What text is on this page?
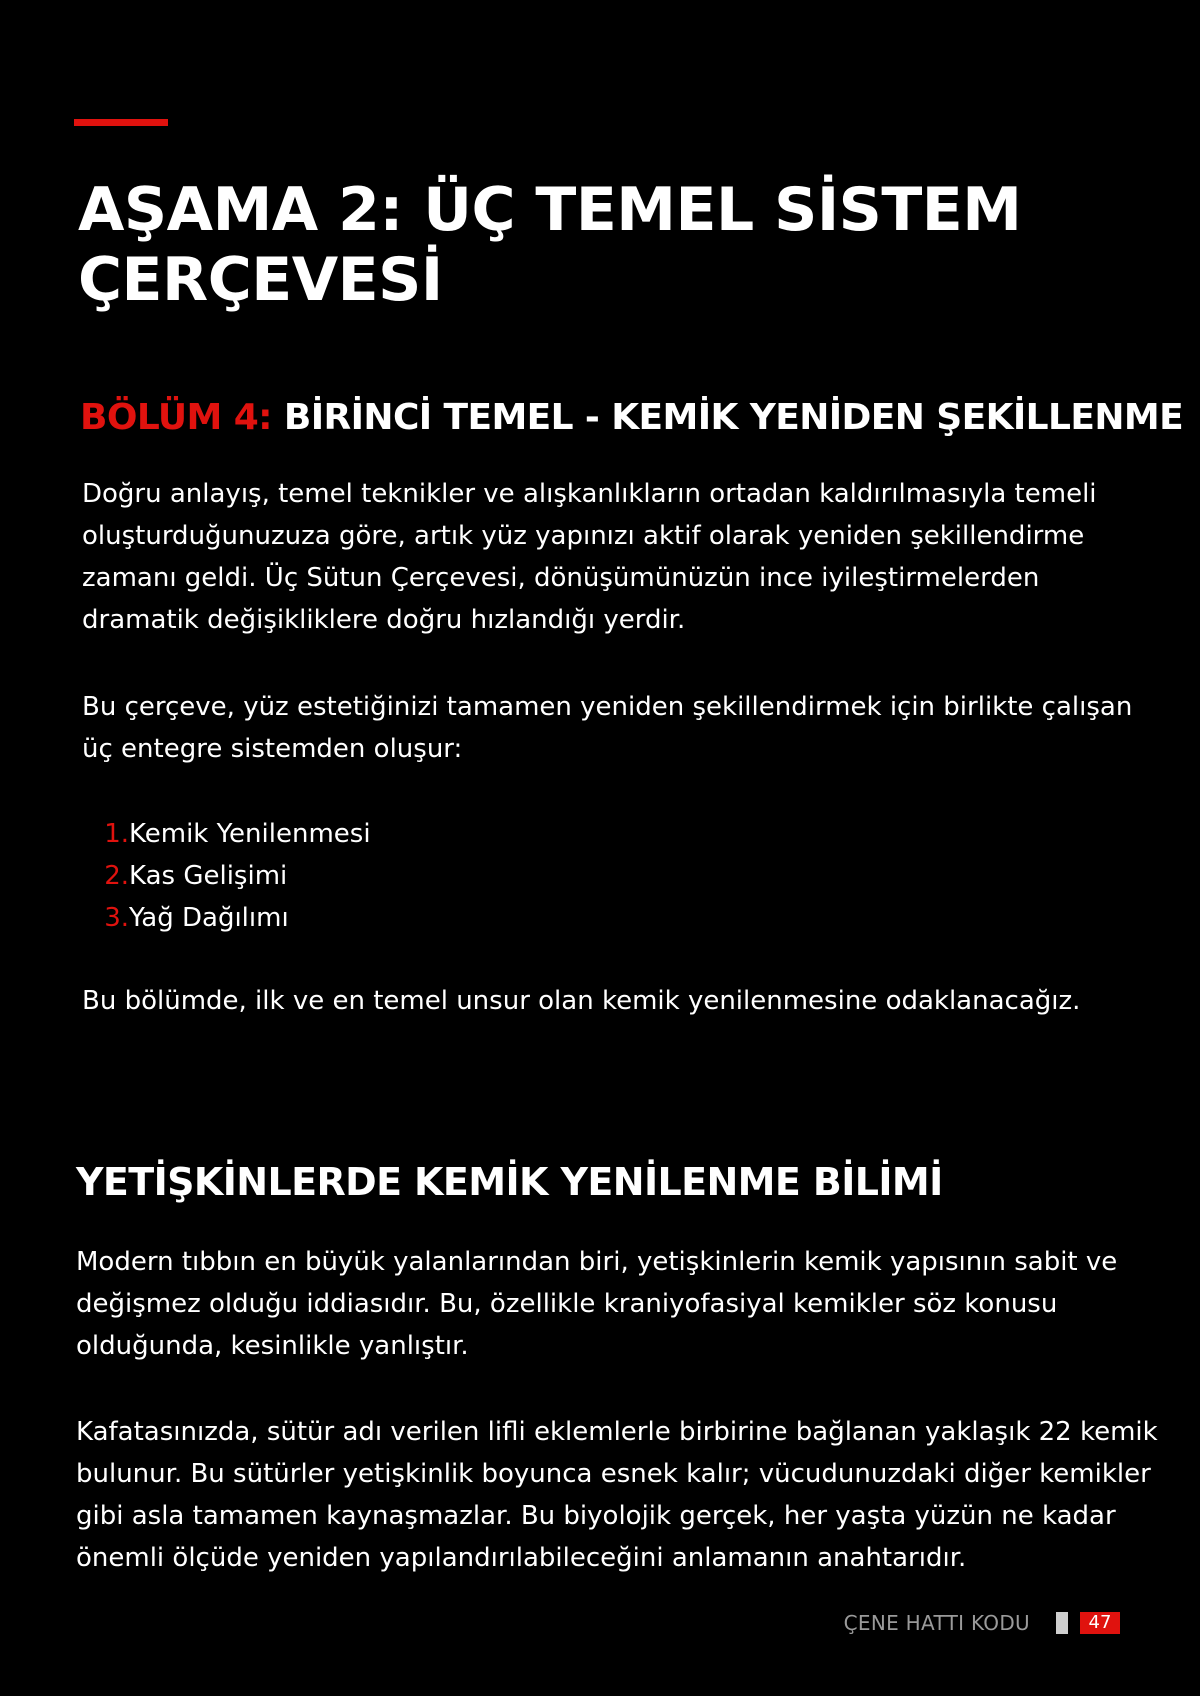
AŞAMA 2: ÜÇ TEMEL SİSTEM ÇERÇEVESİ
BÖLÜM 4: BİRİNCİ TEMEL - KEMİK YENİDEN ŞEKİLLENME

Doğru anlayış, temel teknikler ve alışkanlıkların ortadan kaldırılmasıyla temeli oluşturduğunuzuza göre, artık yüz yapınızı aktif olarak yeniden şekillendirme zamanı geldi. Üç Sütun Çerçevesi, dönüşümünüzün ince iyileştirmelerden dramatik değişikliklere doğru hızlandığı yerdir.

Bu çerçeve, yüz estetiğinizi tamamen yeniden şekillendirmek için birlikte çalışan üç entegre sistemden oluşur:

1. Kemik Yenilenmesi
2. Kas Gelişimi
3. Yağ Dağılımı

Bu bölümde, ilk ve en temel unsur olan kemik yenilenmesine odaklanacağız.

YETİŞKİNLERDE KEMİK YENİLENME BİLİMİ

Modern tıbbın en büyük yalanlarından biri, yetişkinlerin kemik yapısının sabit ve değişmez olduğu iddiasıdır. Bu, özellikle kraniyofasiyal kemikler söz konusu olduğunda, kesinlikle yanlıştır.

Kafatasınızda, sütür adı verilen lifli eklemlerle birbirine bağlanan yaklaşık 22 kemik bulunur. Bu sütürler yetişkinlik boyunca esnek kalır; vücudunuzdaki diğer kemikler gibi asla tamamen kaynaşmazlar. Bu biyolojik gerçek, her yaşta yüzün ne kadar önemli ölçüde yeniden yapılandırılabileceğini anlamanın anahtarıdır.

ÇENE HATTI KODU	47
